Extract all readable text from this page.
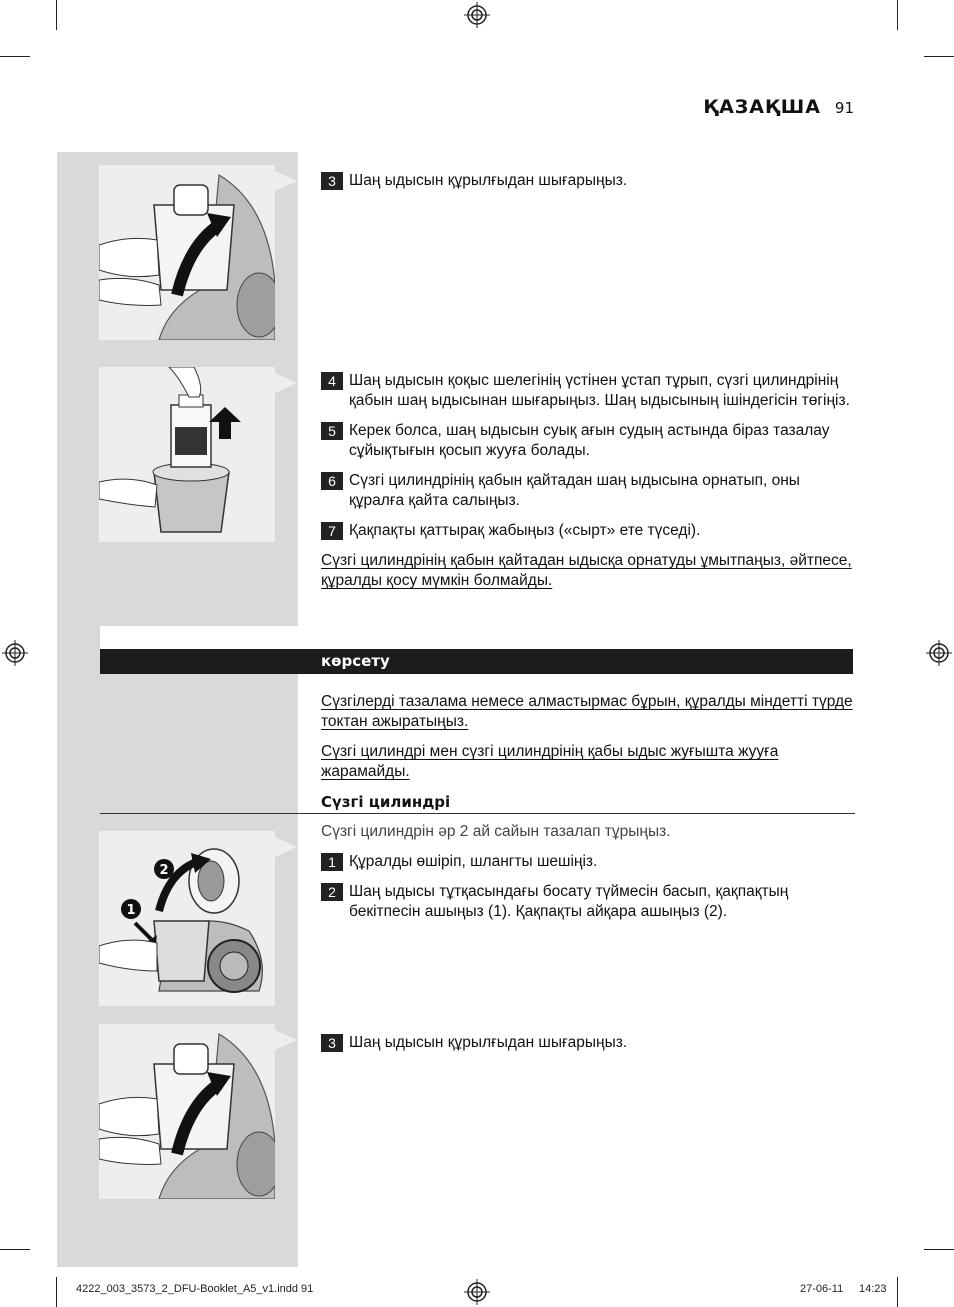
ҚАЗАҚША 91
2
1
3 Шаң ыдысын құрылғыдан шығарыңыз.
4 Шаң ыдысын қоқыс шелегінің үстінен ұстап тұрып, сүзгі цилиндрінің қабын шаң ыдысынан шығарыңыз. Шаң ыдысының ішіндегісін төгіңіз.
5 Керек болса, шаң ыдысын суық ағын судың астында біраз тазалау сұйықтығын қосып жууға болады.
6 Сүзгі цилиндрінің қабын қайтадан шаң ыдысына орнатып, оны құралға қайта салыңыз.
7 Қақпақты қаттырақ жабыңыз («сырт» ете түседі).
Сүзгі цилиндрінің қабын қайтадан ыдысқа орнатуды ұмытпаңыз, әйтпесе, құралды қосу мүмкін болмайды.
көрсету
Сүзгілерді тазалама немесе алмастырмас бұрын, құралды міндетті түрде токтан ажыратыңыз.
Сүзгі цилиндрі мен сүзгі цилиндрінің қабы ыдыс жуғышта жууға жарамайды.
Сүзгі цилиндрі
Сүзгі цилиндрін әр 2 ай сайын тазалап тұрыңыз.
1 Құралды өшіріп, шлангты шешіңіз.
2 Шаң ыдысы тұтқасындағы босату түймесін басып, қақпақтың бекітпесін ашыңыз (1). Қақпақты айқара ашыңыз (2).
3 Шаң ыдысын құрылғыдан шығарыңыз.
4222_003_3573_2_DFU-Booklet_A5_v1.indd 91	27-06-11 14:23
